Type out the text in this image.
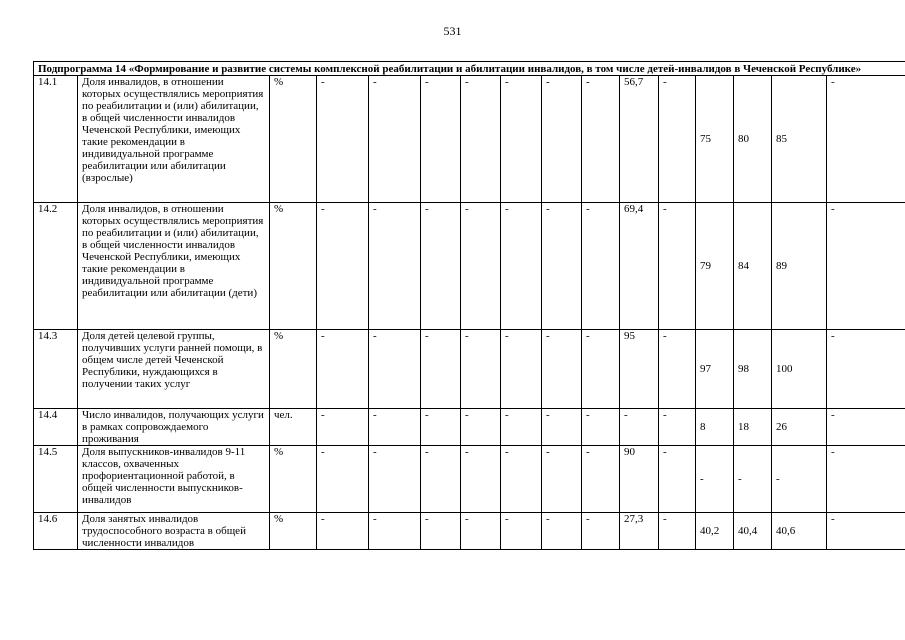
531
Подпрограмма 14 «Формирование и развитие системы комплексной реабилитации и абилитации инвалидов, в том числе детей-инвалидов в Чеченской Республике»															
14.1	Доля инвалидов, в отношении которых осуществлялись мероприятия по реабилитации и (или) абилитации, в общей численности инвалидов Чеченской Республики, имеющих такие рекомендации в индивидуальной программе реабилитации или абилитации (взрослые)	%	-	-	-	-	-	-	-	56,7	-	75	80	85	-
14.2	Доля инвалидов, в отношении которых осуществлялись мероприятия по реабилитации и (или) абилитации, в общей численности инвалидов Чеченской Республики, имеющих такие рекомендации в индивидуальной программе реабилитации или абилитации (дети)	%	-	-	-	-	-	-	-	69,4	-	79	84	89	-
14.3	Доля детей целевой группы, получивших услуги ранней помощи, в общем числе детей Чеченской Республики, нуждающихся в получении таких услуг	%	-	-	-	-	-	-	-	95	-	97	98	100	-
14.4	Число инвалидов, получающих услуги в рамках сопровождаемого проживания	чел.	-	-	-	-	-	-	-	-	-	8	18	26	-
14.5	Доля выпускников-инвалидов 9-11 классов, охваченных профориентационной работой, в общей численности выпускников-инвалидов	%	-	-	-	-	-	-	-	90	-	-	-	-	-
14.6	Доля занятых инвалидов трудоспособного возраста в общей численности инвалидов	%	-	-	-	-	-	-	-	27,3	-	40,2	40,4	40,6	-
